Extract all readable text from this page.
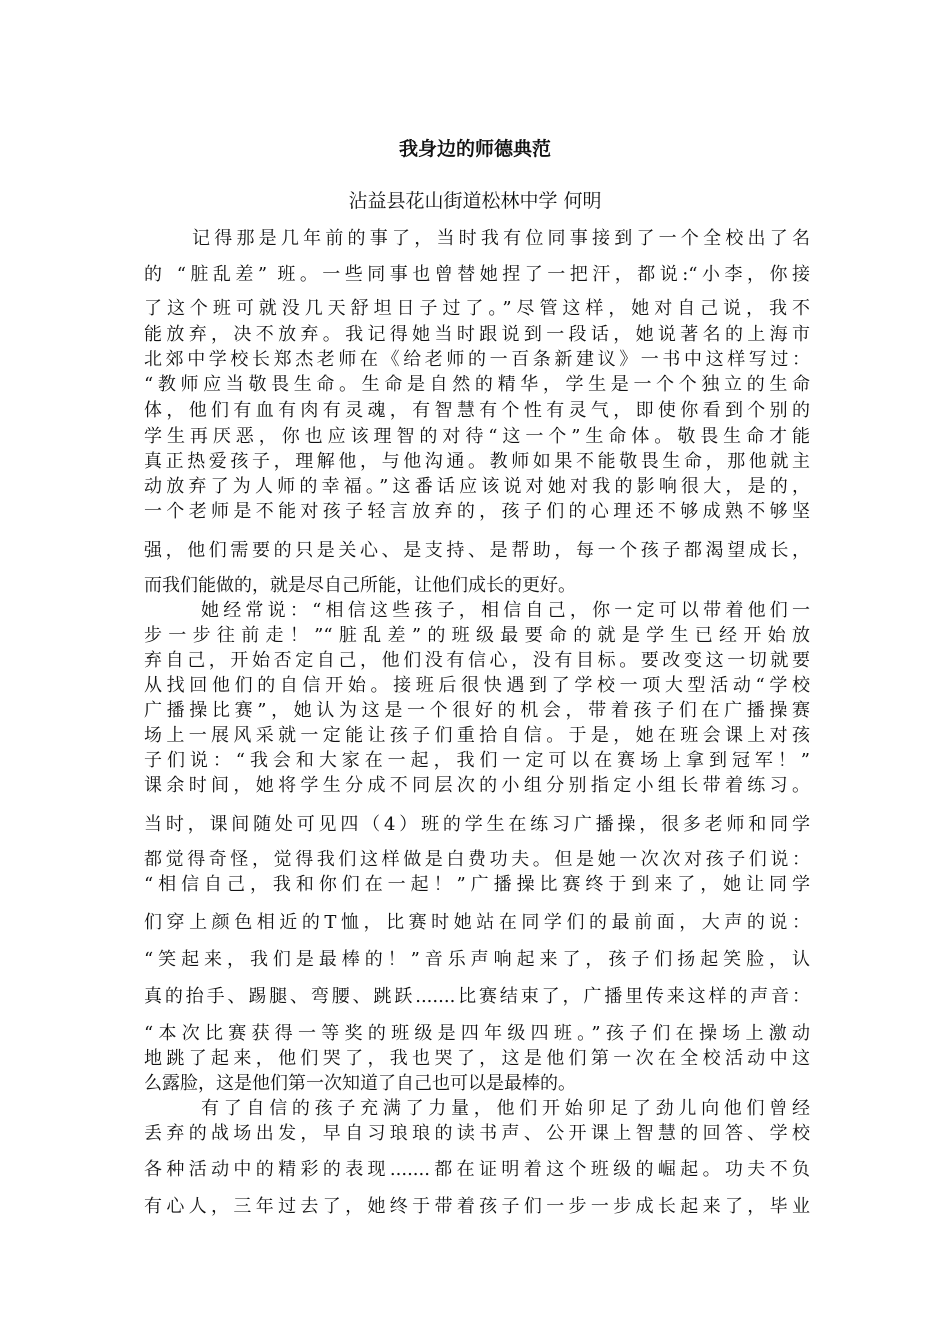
我身边的师德典范
沾益县花山街道松林中学 何明
记得那是几年前的事了，当时我有位同事接到了一个全校出了名
的 “脏乱差” 班。一些同事也曾替她捏了一把汗，都说:“小李，你接
了这个班可就没几天舒坦日子过了。”尽管这样，她对自己说，我不
能放弃，决不放弃。我记得她当时跟说到一段话，她说著名的上海市
北郊中学校长郑杰老师在《给老师的一百条新建议》一书中这样写过：
“教师应当敬畏生命。生命是自然的精华，学生是一个个独立的生命
体，他们有血有肉有灵魂，有智慧有个性有灵气，即使你看到个别的
学生再厌恶，你也应该理智的对待“这一个”生命体。敬畏生命才能
真正热爱孩子，理解他，与他沟通。教师如果不能敬畏生命，那他就主
动放弃了为人师的幸福。”这番话应该说对她对我的影响很大，是的，
一个老师是不能对孩子轻言放弃的，孩子们的心理还不够成熟不够坚
强，他们需要的只是关心、是支持、是帮助，每一个孩子都渴望成长，
而我们能做的，就是尽自己所能，让他们成长的更好。
她经常说：“相信这些孩子，相信自己，你一定可以带着他们一
步一步往前走！”“脏乱差”的班级最要命的就是学生已经开始放
弃自己，开始否定自己，他们没有信心，没有目标。要改变这一切就要
从找回他们的自信开始。接班后很快遇到了学校一项大型活动“学校
广播操比赛”，她认为这是一个很好的机会，带着孩子们在广播操赛
场上一展风采就一定能让孩子们重拾自信。于是，她在班会课上对孩
子们说：“我会和大家在一起，我们一定可以在赛场上拿到冠军！”
课余时间，她将学生分成不同层次的小组分别指定小组长带着练习。
当时，课间随处可见四（4）班的学生在练习广播操，很多老师和同学
都觉得奇怪，觉得我们这样做是白费功夫。但是她一次次对孩子们说：
“相信自己，我和你们在一起！”广播操比赛终于到来了，她让同学
们穿上颜色相近的T恤，比赛时她站在同学们的最前面，大声的说：
“笑起来，我们是最棒的！”音乐声响起来了，孩子们扬起笑脸，认
真的抬手、踢腿、弯腰、跳跃.......比赛结束了，广播里传来这样的声音：
“本次比赛获得一等奖的班级是四年级四班。”孩子们在操场上激动
地跳了起来，他们哭了，我也哭了，这是他们第一次在全校活动中这
么露脸，这是他们第一次知道了自己也可以是最棒的。
有了自信的孩子充满了力量，他们开始卯足了劲儿向他们曾经
丢弃的战场出发，早自习琅琅的读书声、公开课上智慧的回答、学校
各种活动中的精彩的表现.......都在证明着这个班级的崛起。功夫不负
有心人，三年过去了，她终于带着孩子们一步一步成长起来了，毕业
